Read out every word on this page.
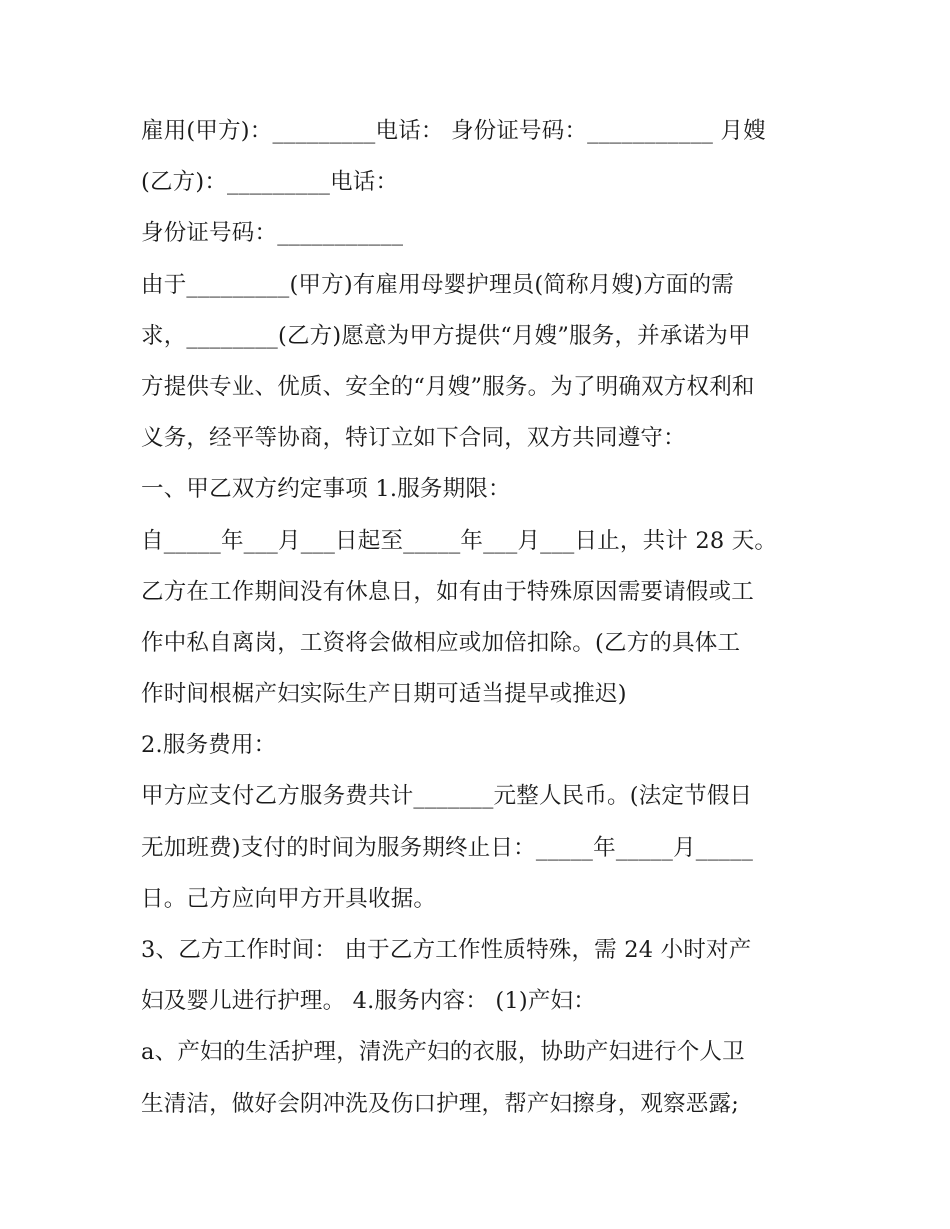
雇用(甲方)：_________电话： 身份证号码：___________ 月嫂
(乙方)：_________电话：
身份证号码：___________
由于_________(甲方)有雇用母婴护理员(简称月嫂)方面的需
求，________(乙方)愿意为甲方提供“月嫂”服务，并承诺为甲
方提供专业、优质、安全的“月嫂”服务。为了明确双方权利和
义务，经平等协商，特订立如下合同，双方共同遵守：
一、甲乙双方约定事项 1.服务期限：
自_____年___月___日起至_____年___月___日止，共计 28 天。
乙方在工作期间没有休息日，如有由于特殊原因需要请假或工
作中私自离岗，工资将会做相应或加倍扣除。(乙方的具体工
作时间根椐产妇实际生产日期可适当提早或推迟)
2.服务费用：
甲方应支付乙方服务费共计_______元整人民币。(法定节假日
无加班费)支付的时间为服务期终止日：_____年_____月_____
日。己方应向甲方开具收据。
3、乙方工作时间： 由于乙方工作性质特殊，需 24 小时对产
妇及婴儿进行护理。 4.服务内容： (1)产妇：
a、产妇的生活护理，清洗产妇的衣服，协助产妇进行个人卫
生清洁，做好会阴冲洗及伤口护理，帮产妇擦身，观察恶露;
